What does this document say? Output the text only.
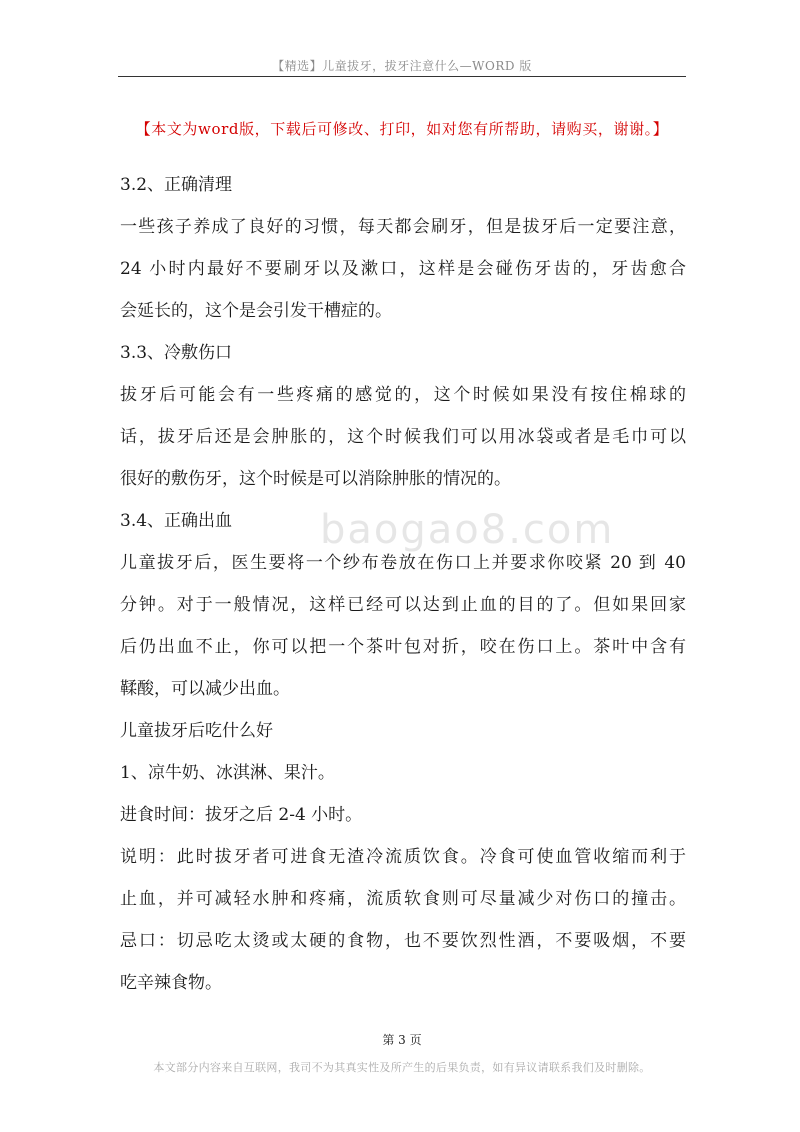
【精选】儿童拔牙，拔牙注意什么—WORD 版
【本文为word版，下载后可修改、打印，如对您有所帮助，请购买，谢谢。】
baogao8.com

3.2、正确清理

一些孩子养成了良好的习惯，每天都会刷牙，但是拔牙后一定要注意，

24 小时内最好不要刷牙以及漱口，这样是会碰伤牙齿的，牙齿愈合

会延长的，这个是会引发干槽症的。

3.3、冷敷伤口

拔牙后可能会有一些疼痛的感觉的，这个时候如果没有按住棉球的

话，拔牙后还是会肿胀的，这个时候我们可以用冰袋或者是毛巾可以

很好的敷伤牙，这个时候是可以消除肿胀的情况的。

3.4、正确出血

儿童拔牙后，医生要将一个纱布卷放在伤口上并要求你咬紧 20 到 40

分钟。对于一般情况，这样已经可以达到止血的目的了。但如果回家

后仍出血不止，你可以把一个茶叶包对折，咬在伤口上。茶叶中含有

鞣酸，可以减少出血。

儿童拔牙后吃什么好

1、凉牛奶、冰淇淋、果汁。

进食时间：拔牙之后 2-4 小时。

说明：此时拔牙者可进食无渣冷流质饮食。冷食可使血管收缩而利于

止血，并可减轻水肿和疼痛，流质软食则可尽量减少对伤口的撞击。

忌口：切忌吃太烫或太硬的食物，也不要饮烈性酒，不要吸烟，不要

吃辛辣食物。

第 3 页
本文部分内容来自互联网，我司不为其真实性及所产生的后果负责，如有异议请联系我们及时删除。
